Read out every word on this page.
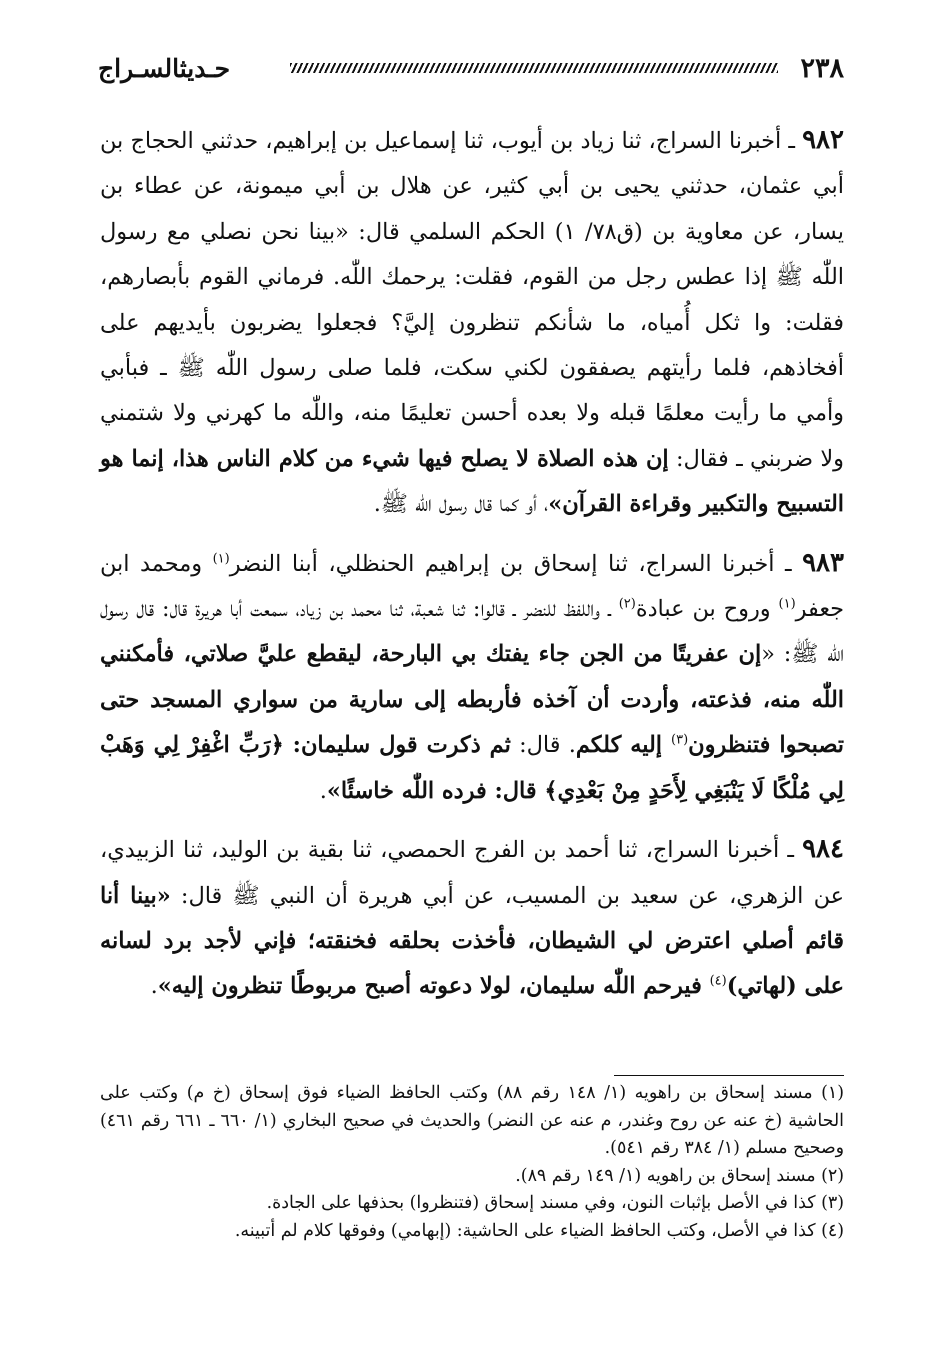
٢٣٨
حـديثالسـراج

٩٨٢ ـ أخبرنا السراج، ثنا زياد بن أيوب، ثنا إسماعيل بن إبراهيم، حدثني الحجاج بن أبي عثمان، حدثني يحيى بن أبي كثير، عن هلال بن أبي ميمونة، عن عطاء بن يسار، عن معاوية بن (ق٧٨/ ١) الحكم السلمي قال: «بينا نحن نصلي مع رسول اللّٰه ﷺ إذا عطس رجل من القوم، فقلت: يرحمك اللّٰه. فرماني القوم بأبصارهم، فقلت: وا ثكل أُمياه، ما شأنكم تنظرون إليَّ؟ فجعلوا يضربون بأيديهم على أفخاذهم، فلما رأيتهم يصفقون لكني سكت، فلما صلى رسول اللّٰه ﷺ ـ فبأبي وأمي ما رأيت معلمًا قبله ولا بعده أحسن تعليمًا منه، واللّٰه ما كهرني ولا شتمني ولا ضربني ـ فقال: إن هذه الصلاة لا يصلح فيها شيء من كلام الناس هذا، إنما هو التسبيح والتكبير وقراءة القرآن»، أو كما قال رسول اللّٰه ﷺ.

٩٨٣ ـ أخبرنا السراج، ثنا إسحاق بن إبراهيم الحنظلي، أبنا النضر$^{(١)}$ ومحمد ابن جعفر$^{(١)}$ وروح بن عبادة$^{(٢)}$ ـ واللفظ للنضر ـ قالوا: ثنا شعبة، ثنا محمد بن زياد، سمعت أبا هريرة قال: قال رسول اللّٰه ﷺ: «إن عفريتًا من الجن جاء يفتك بي البارحة، ليقطع عليَّ صلاتي، فأمكنني اللّٰه منه، فذعته، وأردت أن آخذه فأربطه إلى سارية من سواري المسجد حتى تصبحوا فتنظرون$^{(٣)}$ إليه كلكم. قال: ثم ذكرت قول سليمان: ﴿رَبِّ اغْفِرْ لِي وَهَبْ لِي مُلْكًا لَا يَنْبَغِي لِأَحَدٍ مِنْ بَعْدِي﴾ قال: فرده اللّٰه خاسئًا».

٩٨٤ ـ أخبرنا السراج، ثنا أحمد بن الفرج الحمصي، ثنا بقية بن الوليد، ثنا الزبيدي، عن الزهري، عن سعيد بن المسيب، عن أبي هريرة أن النبي ﷺ قال: «بينا أنا قائم أصلي اعترض لي الشيطان، فأخذت بحلقه فخنقته؛ فإني لأجد برد لسانه على (لهاتي)$^{(٤)}$ فيرحم اللّٰه سليمان، لولا دعوته أصبح مربوطًا تنظرون إليه».

(١) مسند إسحاق بن راهويه (١/ ١٤٨ رقم ٨٨) وكتب الحافظ الضياء فوق إسحاق (خ م) وكتب على الحاشية (خ عنه عن روح وغندر، م عنه عن النضر) والحديث في صحيح البخاري (١/ ٦٦٠ ـ ٦٦١ رقم ٤٦١) وصحيح مسلم (١/ ٣٨٤ رقم ٥٤١).

(٢) مسند إسحاق بن راهويه (١/ ١٤٩ رقم ٨٩).

(٣) كذا في الأصل بإثبات النون، وفي مسند إسحاق (فتنظروا) بحذفها على الجادة.

(٤) كذا في الأصل، وكتب الحافظ الضياء على الحاشية: (إبهامي) وفوقها كلام لم أتبينه.
